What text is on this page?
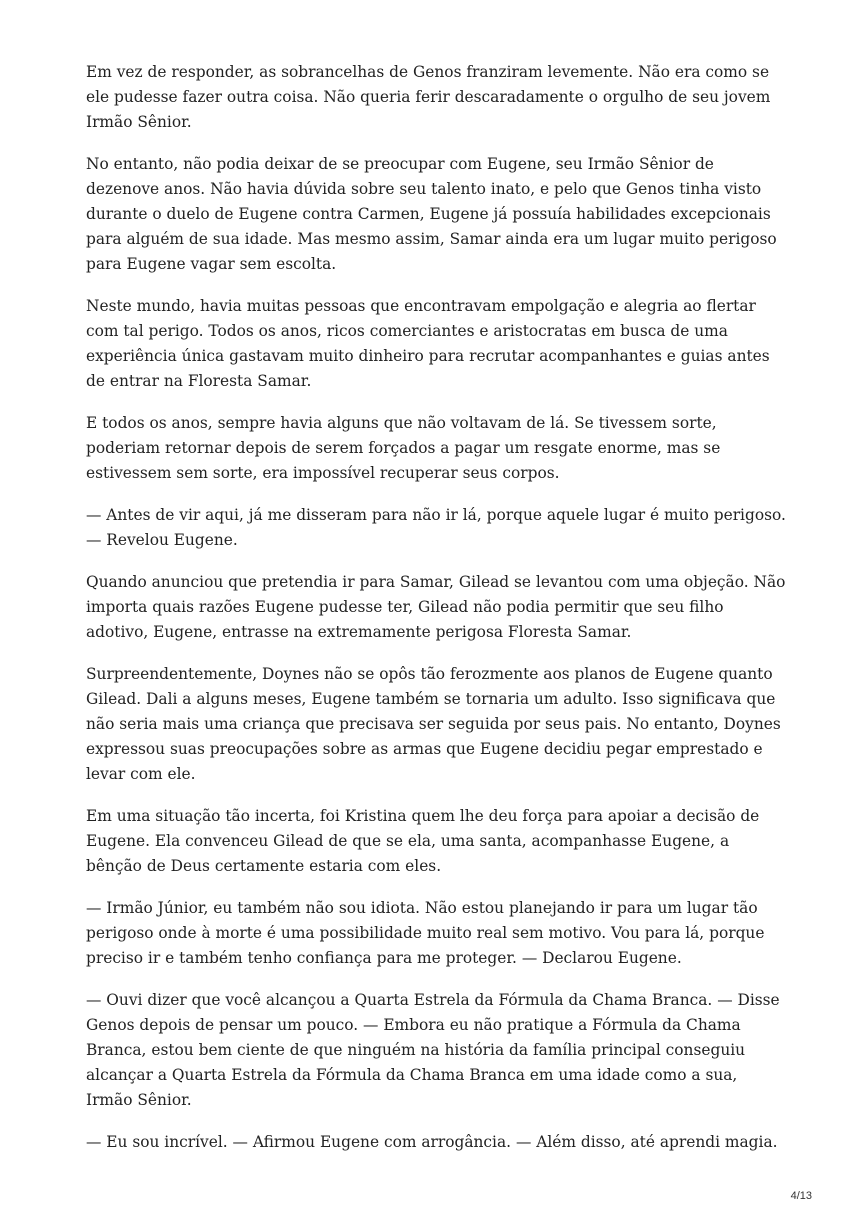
Em vez de responder, as sobrancelhas de Genos franziram levemente. Não era como se ele pudesse fazer outra coisa. Não queria ferir descaradamente o orgulho de seu jovem Irmão Sênior.

No entanto, não podia deixar de se preocupar com Eugene, seu Irmão Sênior de dezenove anos. Não havia dúvida sobre seu talento inato, e pelo que Genos tinha visto durante o duelo de Eugene contra Carmen, Eugene já possuía habilidades excepcionais para alguém de sua idade. Mas mesmo assim, Samar ainda era um lugar muito perigoso para Eugene vagar sem escolta.

Neste mundo, havia muitas pessoas que encontravam empolgação e alegria ao flertar com tal perigo. Todos os anos, ricos comerciantes e aristocratas em busca de uma experiência única gastavam muito dinheiro para recrutar acompanhantes e guias antes de entrar na Floresta Samar.

E todos os anos, sempre havia alguns que não voltavam de lá. Se tivessem sorte, poderiam retornar depois de serem forçados a pagar um resgate enorme, mas se estivessem sem sorte, era impossível recuperar seus corpos.

— Antes de vir aqui, já me disseram para não ir lá, porque aquele lugar é muito perigoso. — Revelou Eugene.

Quando anunciou que pretendia ir para Samar, Gilead se levantou com uma objeção. Não importa quais razões Eugene pudesse ter, Gilead não podia permitir que seu filho adotivo, Eugene, entrasse na extremamente perigosa Floresta Samar.

Surpreendentemente, Doynes não se opôs tão ferozmente aos planos de Eugene quanto Gilead. Dali a alguns meses, Eugene também se tornaria um adulto. Isso significava que não seria mais uma criança que precisava ser seguida por seus pais. No entanto, Doynes expressou suas preocupações sobre as armas que Eugene decidiu pegar emprestado e levar com ele.

Em uma situação tão incerta, foi Kristina quem lhe deu força para apoiar a decisão de Eugene. Ela convenceu Gilead de que se ela, uma santa, acompanhasse Eugene, a bênção de Deus certamente estaria com eles.

— Irmão Júnior, eu também não sou idiota. Não estou planejando ir para um lugar tão perigoso onde à morte é uma possibilidade muito real sem motivo. Vou para lá, porque preciso ir e também tenho confiança para me proteger. — Declarou Eugene.

— Ouvi dizer que você alcançou a Quarta Estrela da Fórmula da Chama Branca. — Disse Genos depois de pensar um pouco. — Embora eu não pratique a Fórmula da Chama Branca, estou bem ciente de que ninguém na história da família principal conseguiu alcançar a Quarta Estrela da Fórmula da Chama Branca em uma idade como a sua, Irmão Sênior.

— Eu sou incrível. — Afirmou Eugene com arrogância. — Além disso, até aprendi magia.

4/13
